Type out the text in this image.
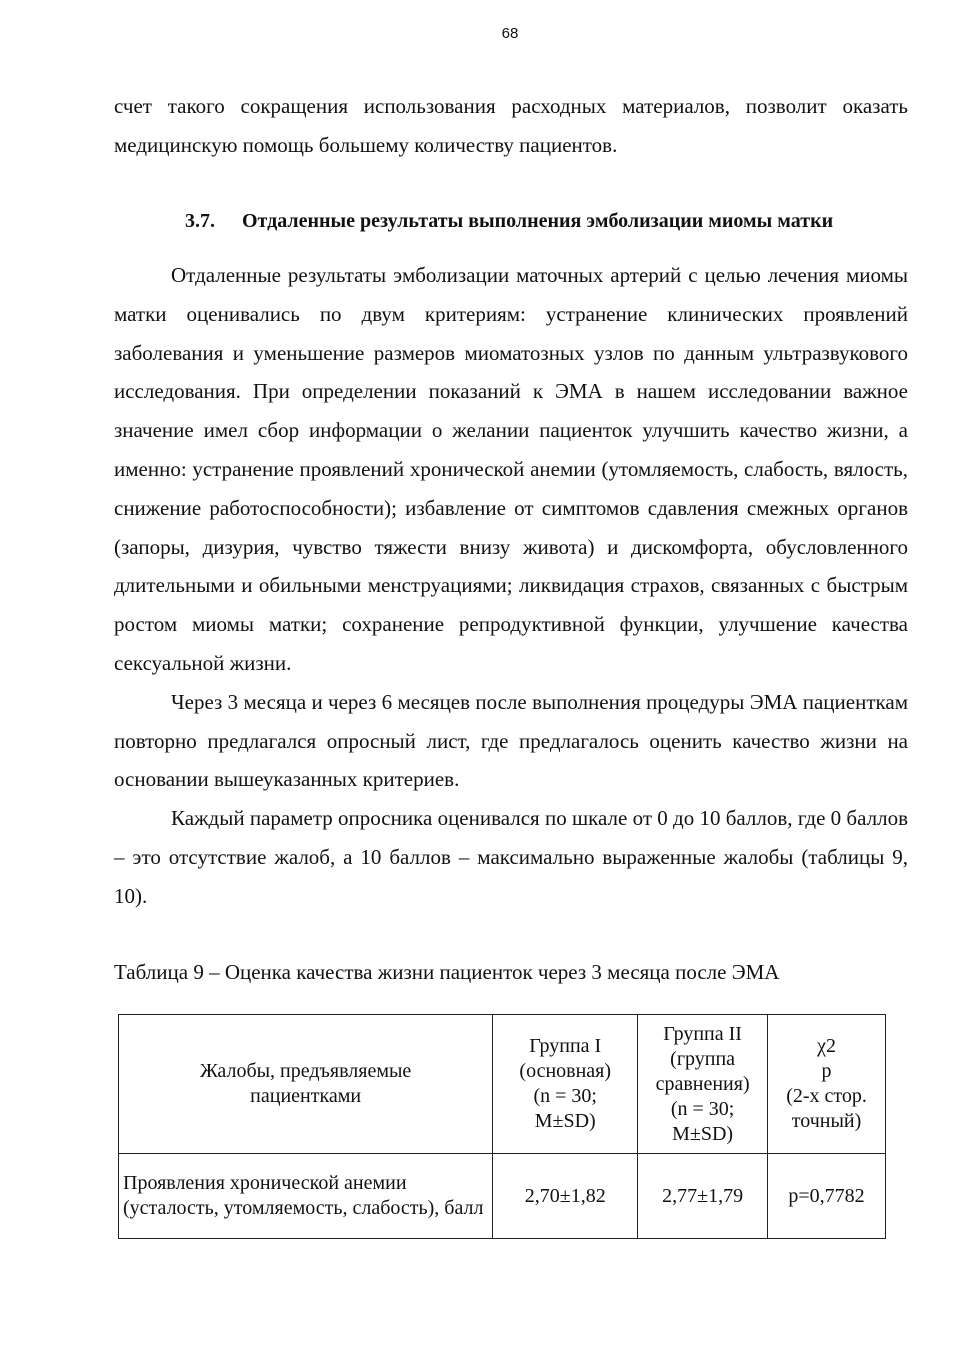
68

счет такого сокращения использования расходных материалов, позволит оказать медицинскую помощь большему количеству пациентов.

3.7. Отдаленные результаты выполнения эмболизации миомы матки

Отдаленные результаты эмболизации маточных артерий с целью лечения миомы матки оценивались по двум критериям: устранение клинических проявлений заболевания и уменьшение размеров миоматозных узлов по данным ультразвукового исследования. При определении показаний к ЭМА в нашем исследовании важное значение имел сбор информации о желании пациенток улучшить качество жизни, а именно: устранение проявлений хронической анемии (утомляемость, слабость, вялость, снижение работоспособности); избавление от симптомов сдавления смежных органов (запоры, дизурия, чувство тяжести внизу живота) и дискомфорта, обусловленного длительными и обильными менструациями; ликвидация страхов, связанных с быстрым ростом миомы матки; сохранение репродуктивной функции, улучшение качества сексуальной жизни.

Через 3 месяца и через 6 месяцев после выполнения процедуры ЭМА пациенткам повторно предлагался опросный лист, где предлагалось оценить качество жизни на основании вышеуказанных критериев.

Каждый параметр опросника оценивался по шкале от 0 до 10 баллов, где 0 баллов – это отсутствие жалоб, а 10 баллов – максимально выраженные жалобы (таблицы 9, 10).

Таблица 9 – Оценка качества жизни пациенток через 3 месяца после ЭМА
Жалобы, предъявляемые
пациентками	Группа I
(основная)
(n = 30;
M±SD)	Группа II
(группа
сравнения)
(n = 30;
M±SD)	χ2
p
(2-х стор.
точный)
Проявления хронической анемии (усталость, утомляемость, слабость), балл	2,70±1,82	2,77±1,79	p=0,7782
